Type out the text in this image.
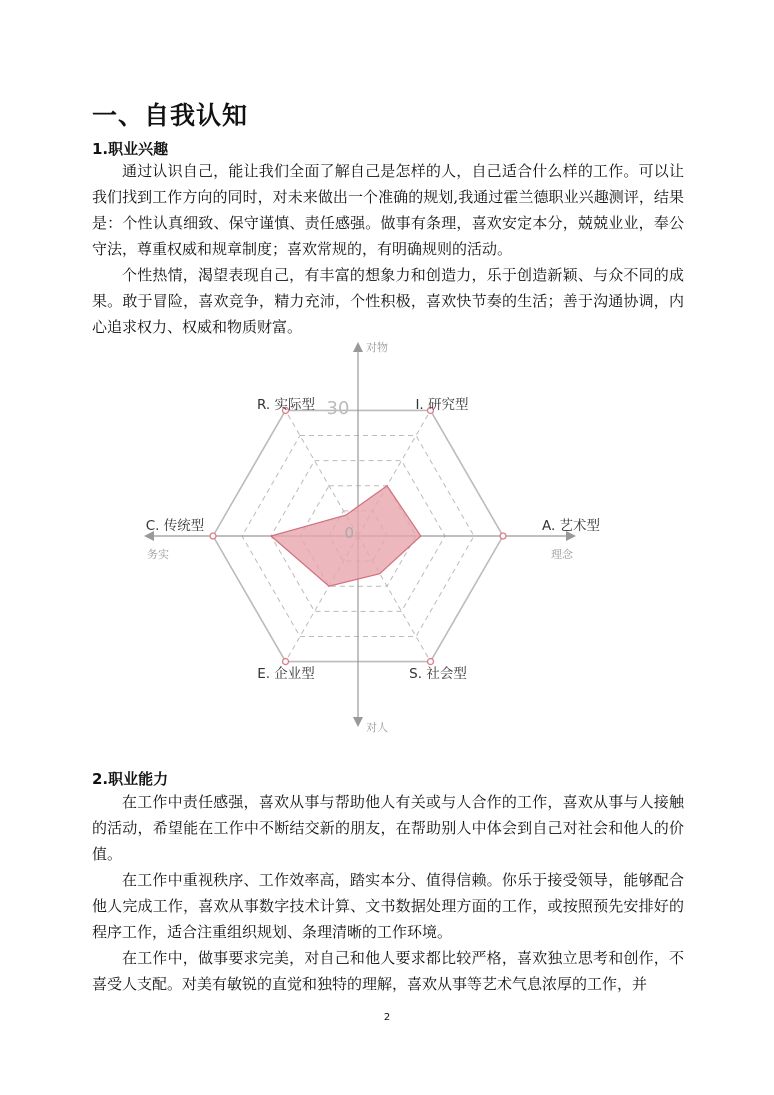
一、自我认知
1.职业兴趣

通过认识自己，能让我们全面了解自己是怎样的人，自己适合什么样的工作。可以让我们找到工作方向的同时，对未来做出一个准确的规划,我通过霍兰德职业兴趣测评，结果是：个性认真细致、保守谨慎、责任感强。做事有条理，喜欢安定本分，兢兢业业，奉公守法，尊重权威和规章制度；喜欢常规的，有明确规则的活动。

个性热情，渴望表现自己，有丰富的想象力和创造力，乐于创造新颖、与众不同的成果。敢于冒险，喜欢竞争，精力充沛，个性积极，喜欢快节奏的生活；善于沟通协调，内心追求权力、权威和物质财富。

30
0
R. 实际型	I. 研究型
A. 艺术型
S. 社会型
E. 企业型
C. 传统型
对物
对人
务实	理念
2.职业能力

在工作中责任感强，喜欢从事与帮助他人有关或与人合作的工作，喜欢从事与人接触的活动，希望能在工作中不断结交新的朋友，在帮助别人中体会到自己对社会和他人的价值。

在工作中重视秩序、工作效率高，踏实本分、值得信赖。你乐于接受领导，能够配合他人完成工作，喜欢从事数字技术计算、文书数据处理方面的工作，或按照预先安排好的程序工作，适合注重组织规划、条理清晰的工作环境。

在工作中，做事要求完美，对自己和他人要求都比较严格，喜欢独立思考和创作，不喜受人支配。对美有敏锐的直觉和独特的理解，喜欢从事等艺术气息浓厚的工作，并

2
